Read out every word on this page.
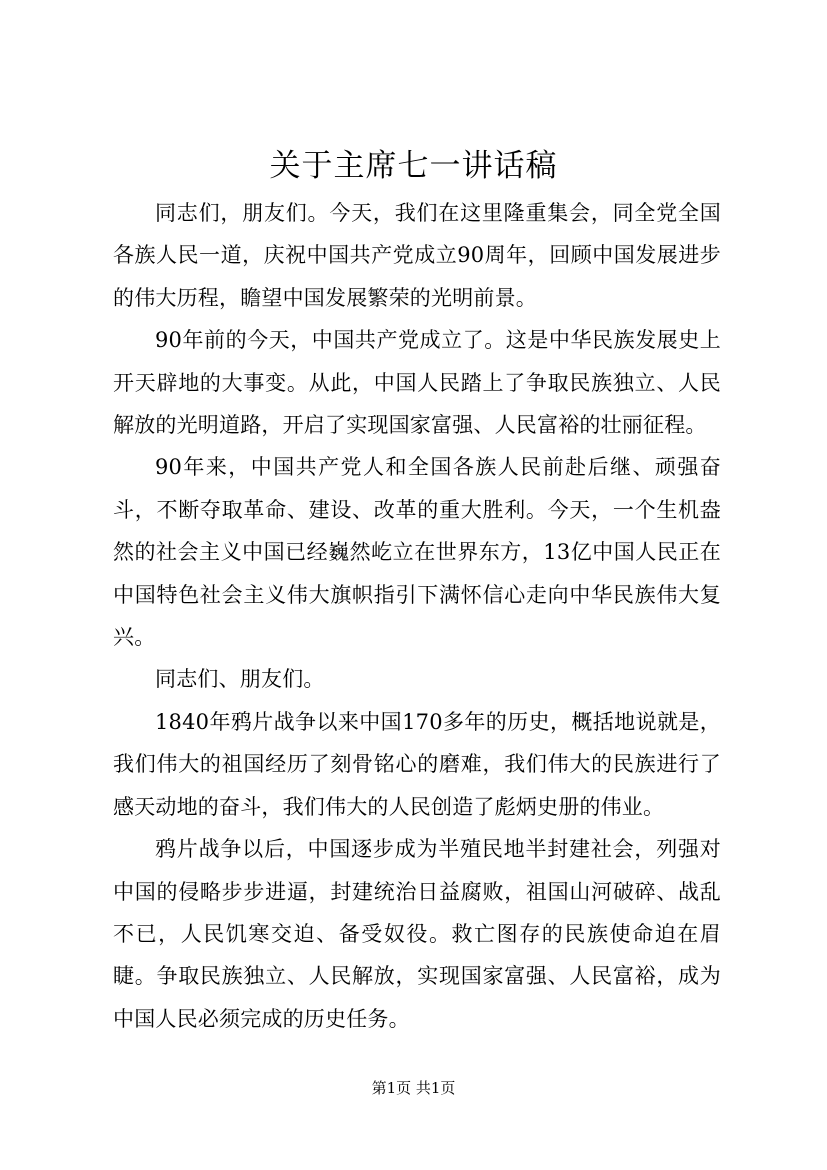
关于主席七一讲话稿

同志们，朋友们。今天，我们在这里隆重集会，同全党全国各族人民一道，庆祝中国共产党成立90周年，回顾中国发展进步的伟大历程，瞻望中国发展繁荣的光明前景。

90年前的今天，中国共产党成立了。这是中华民族发展史上开天辟地的大事变。从此，中国人民踏上了争取民族独立、人民解放的光明道路，开启了实现国家富强、人民富裕的壮丽征程。

90年来，中国共产党人和全国各族人民前赴后继、顽强奋斗，不断夺取革命、建设、改革的重大胜利。今天，一个生机盎然的社会主义中国已经巍然屹立在世界东方，13亿中国人民正在中国特色社会主义伟大旗帜指引下满怀信心走向中华民族伟大复兴。

同志们、朋友们。

1840年鸦片战争以来中国170多年的历史，概括地说就是，我们伟大的祖国经历了刻骨铭心的磨难，我们伟大的民族进行了感天动地的奋斗，我们伟大的人民创造了彪炳史册的伟业。

鸦片战争以后，中国逐步成为半殖民地半封建社会，列强对中国的侵略步步进逼，封建统治日益腐败，祖国山河破碎、战乱不已，人民饥寒交迫、备受奴役。救亡图存的民族使命迫在眉睫。争取民族独立、人民解放，实现国家富强、人民富裕，成为中国人民必须完成的历史任务。

第1页 共1页
